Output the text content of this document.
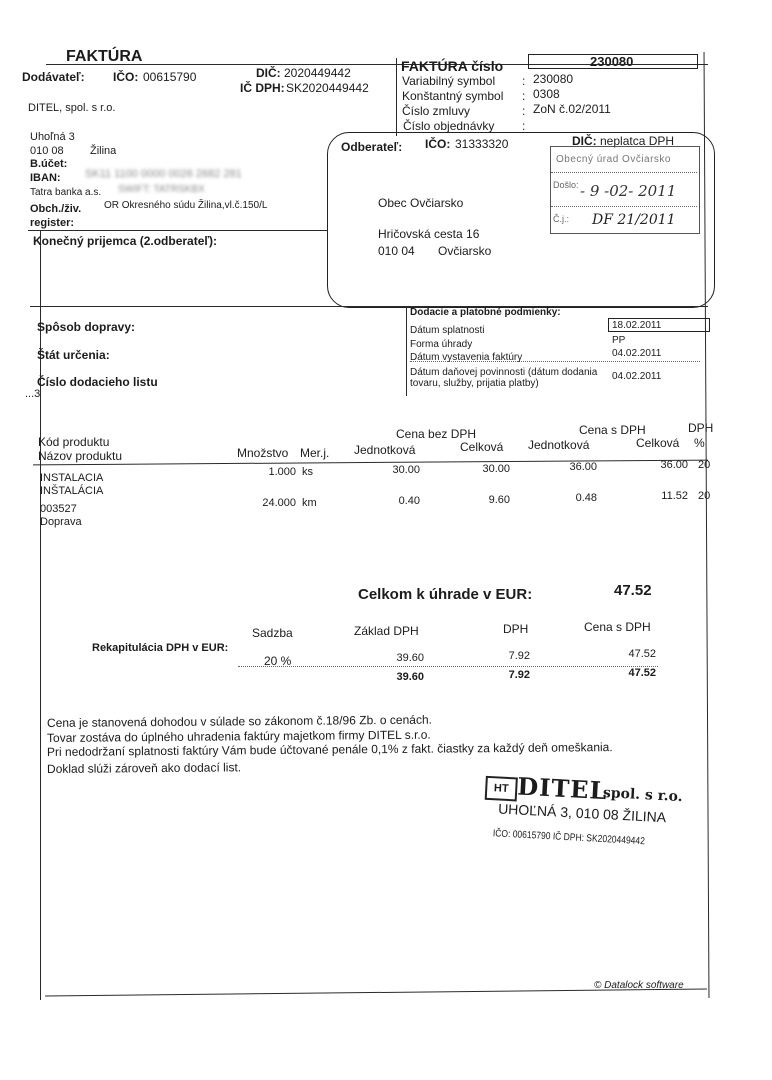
FAKTÚRA
Dodávateľ: IČO: 00615790	DIČ: 2020449442
IČ DPH: SK2020449442
DITEL, spol. s r.o.
Uhoľná 3
010 08 Žilina
B.účet:
IBAN: SK11 1100 0000 0026 2682 281
Tatra banka a.s. SWIFT: TATRSKBX
Obch./živ. register:
OR Okresného súdu Žilina,vl.č.150/L
FAKTÚRA číslo	230080
Variabilný symbol : 230080
Konštantný symbol : 0308
Číslo zmluvy	: ZoN č.02/2011
Číslo objednávky :
Odberateľ: IČO: 31333320	DIČ: neplatca DPH
Obec Ovčiarsko
Hričovská cesta 16
010 04 Ovčiarsko
Obecný úrad Ovčiarsko
Došlo: - 9 -02- 2011
Č.j.: DF 21/2011
Konečný prijemca (2.odberateľ):
Spôsob dopravy:
Štát určenia:
Číslo dodacieho listu
...3
Dodacie a platobné podmienky:
Dátum splatnosti	18.02.2011
Forma úhrady	PP
Dátum vystavenia faktúry	04.02.2011
Dátum daňovej povinnosti (dátum dodania tovaru, služby, prijatia platby)
04.02.2011
Cena bez DPH	Cena s DPH	DPH
Kód produktu
Názov produktu	Množstvo Mer.j. Jednotková	Celková Jednotková	Celková %
INSTALACIA
INŠTALÁCIA
1.000 ks	30.00	30.00	36.00	36.00 20
003527
Doprava
24.000 km	0.40	9.60	0.48	11.52 20
Celkom k úhrade v EUR:	47.52
Sadzba	Základ DPH	DPH	Cena s DPH
Rekapitulácia DPH v EUR:
20 %	39.60	7.92	47.52
39.60	7.92	47.52
Cena je stanovená dohodou v súlade so zákonom č.18/96 Zb. o cenách.
Tovar zostáva do úplného uhradenia faktúry majetkom firmy DITEL s.r.o.
Pri nedodržaní splatnosti faktúry Vám bude účtované penále 0,1% z fakt. čiastky za každý deň omeškania.
Doklad slúži zároveň ako dodací list.
HT DITEL
, spol. s r.o.
UHOĽNÁ 3, 010 08 ŽILINA
IČO: 00615790 IČ DPH: SK2020449442
© Datalock software
